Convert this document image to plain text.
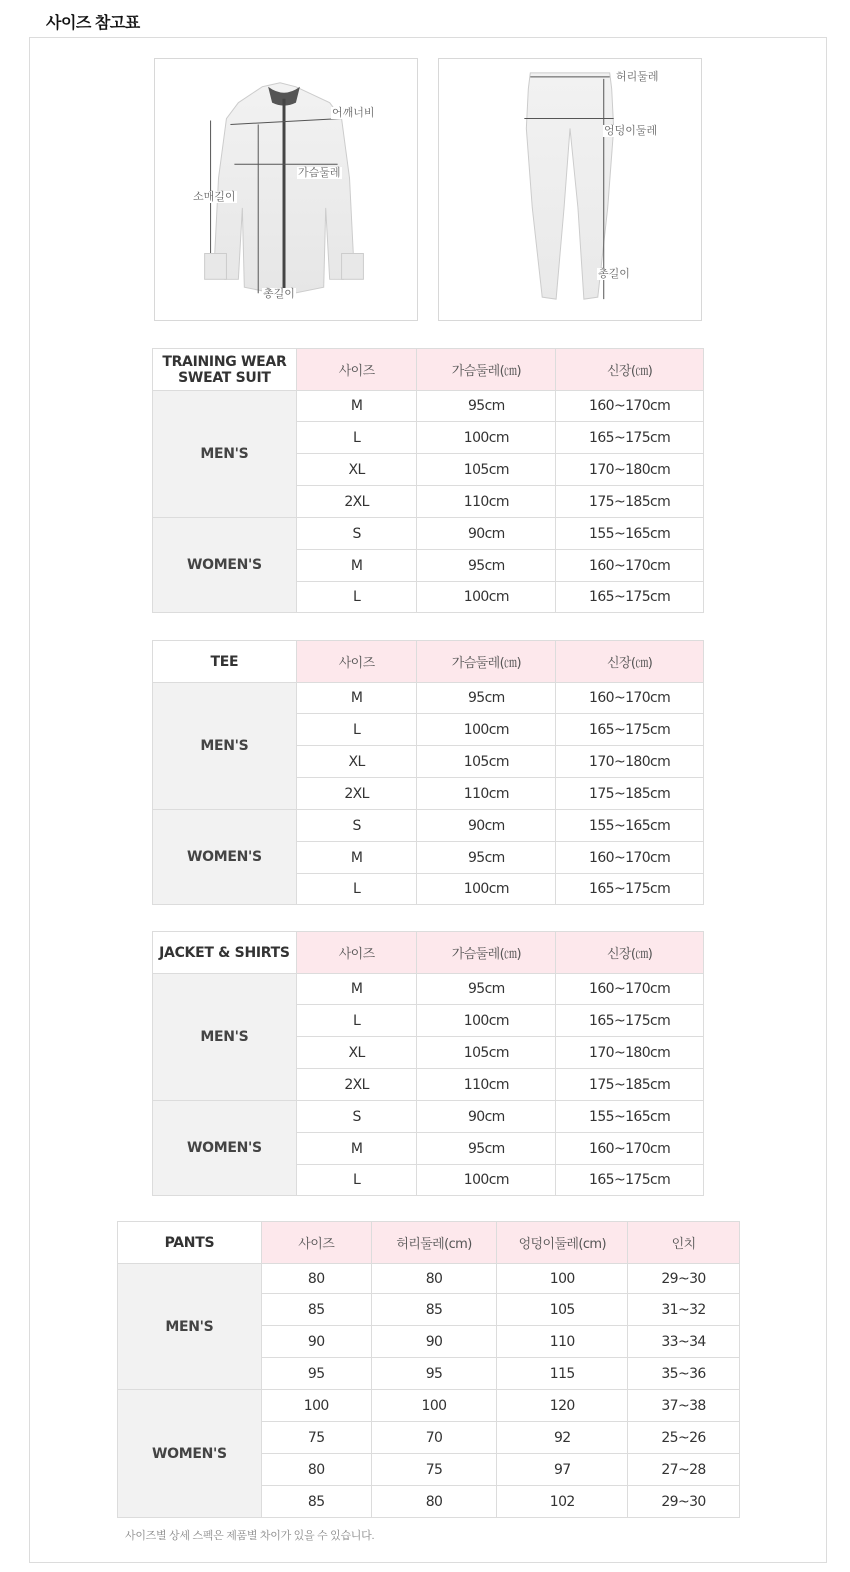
사이즈 참고표
어깨너비
가슴둘레
소매길이
총길이
허리둘레
엉덩이둘레
총길이
TRAINING WEAR
SWEAT SUIT	사이즈	가슴둘레(㎝)	신장(㎝)
MEN'S	M	95cm	160~170cm
	L	100cm	165~175cm
	XL	105cm	170~180cm
	2XL	110cm	175~185cm
WOMEN'S	S	90cm	155~165cm
	M	95cm	160~170cm
	L	100cm	165~175cm
TEE	사이즈	가슴둘레(㎝)	신장(㎝)
MEN'S	M	95cm	160~170cm
	L	100cm	165~175cm
	XL	105cm	170~180cm
	2XL	110cm	175~185cm
WOMEN'S	S	90cm	155~165cm
	M	95cm	160~170cm
	L	100cm	165~175cm
JACKET & SHIRTS	사이즈	가슴둘레(㎝)	신장(㎝)
MEN'S	M	95cm	160~170cm
	L	100cm	165~175cm
	XL	105cm	170~180cm
	2XL	110cm	175~185cm
WOMEN'S	S	90cm	155~165cm
	M	95cm	160~170cm
	L	100cm	165~175cm
PANTS	사이즈	허리둘레(cm)	엉덩이둘레(cm)	인치
MEN'S	80	80	100	29~30
	85	85	105	31~32
	90	90	110	33~34
	95	95	115	35~36
WOMEN'S	100	100	120	37~38
	75	70	92	25~26
	80	75	97	27~28
	85	80	102	29~30
사이즈별 상세 스펙은 제품별 차이가 있을 수 있습니다.
